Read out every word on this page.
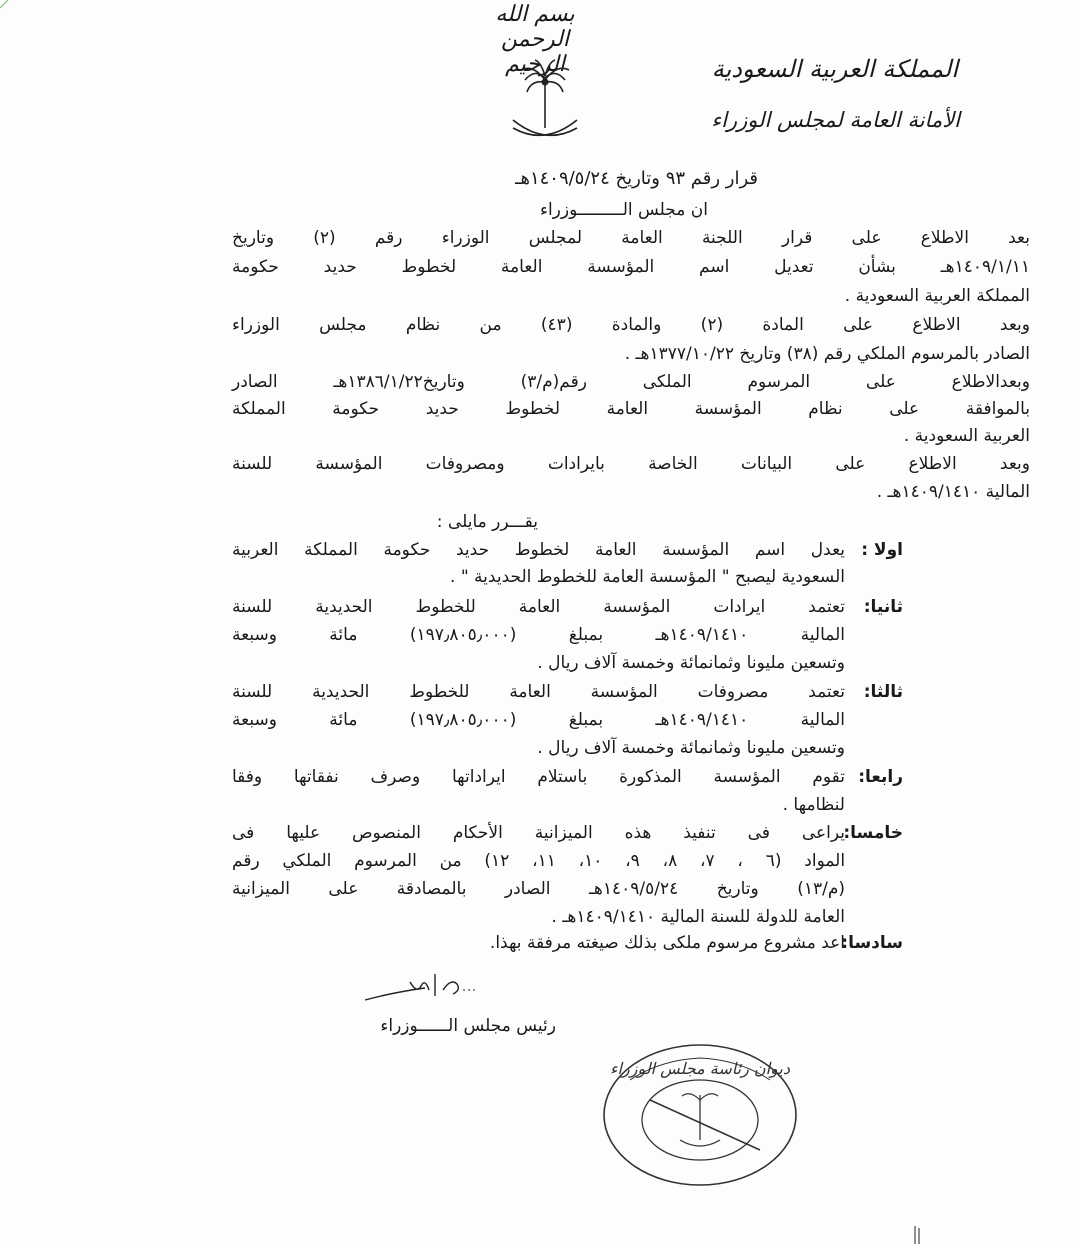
بسم الله الرحمن الرحيم	المملكة العربية السعودية
الأمانة العامة لمجلس الوزراء
قرار رقم ٩٣ وتاريخ ١٤٠٩/٥/٢٤هـ
ان مجلس الـــــــــوزراء
بعد الاطلاع على قرار اللجنة العامة لمجلس الوزراء رقم (٢) وتاريخ
١٤٠٩/١/١١هـ بشأن تعديل اسم المؤسسة العامة لخطوط حديد حكومة
المملكة العربية السعودية .
وبعد الاطلاع على المادة (٢) والمادة (٤٣) من نظام مجلس الوزراء
الصادر بالمرسوم الملكي رقم (٣٨) وتاريخ ١٣٧٧/١٠/٢٢هـ .
وبعدالاطلاع على المرسوم الملكى رقم(م/٣) وتاريخ١٣٨٦/١/٢٢هـ الصادر
بالموافقة على نظام المؤسسة العامة لخطوط حديد حكومة المملكة
العربية السعودية .
وبعد الاطلاع على البيانات الخاصة بايرادات ومصروفات المؤسسة للسنة
المالية ١٤٠٩/١٤١٠هـ .
يقـــرر مايلى :
اولا :
يعدل اسم المؤسسة العامة لخطوط حديد حكومة المملكة العربية
السعودية ليصبح " المؤسسة العامة للخطوط الحديدية " .
ثانيا:
تعتمد ايرادات المؤسسة العامة للخطوط الحديدية للسنة
المالية ١٤٠٩/١٤١٠هـ بمبلغ (١٩٧٫٨٠٥٫٠٠٠) مائة وسبعة
وتسعين مليونا وثمانمائة وخمسة آلاف ريال .
ثالثا:
تعتمد مصروفات المؤسسة العامة للخطوط الحديدية للسنة
المالية ١٤٠٩/١٤١٠هـ بمبلغ (١٩٧٫٨٠٥٫٠٠٠) مائة وسبعة
وتسعين مليونا وثمانمائة وخمسة آلاف ريال .
رابعا:
تقوم المؤسسة المذكورة باستلام ايراداتها وصرف نفقاتها وفقا
لنظامها .
خامسا:
يراعى فى تنفيذ هذه الميزانية الأحكام المنصوص عليها فى
المواد (٦ ، ٧، ٨، ٩، ١٠، ١١، ١٢) من المرسوم الملكي رقم
(م/١٣) وتاريخ ١٤٠٩/٥/٢٤هـ الصادر بالمصادقة على الميزانية
العامة للدولة للسنة المالية ١٤٠٩/١٤١٠هـ .
سادسا:
اعد مشروع مرسوم ملكى بذلك صيغته مرفقة بهذا.
رئيس مجلس الــــــوزراء
ديوان رئاسة مجلس الوزراء
